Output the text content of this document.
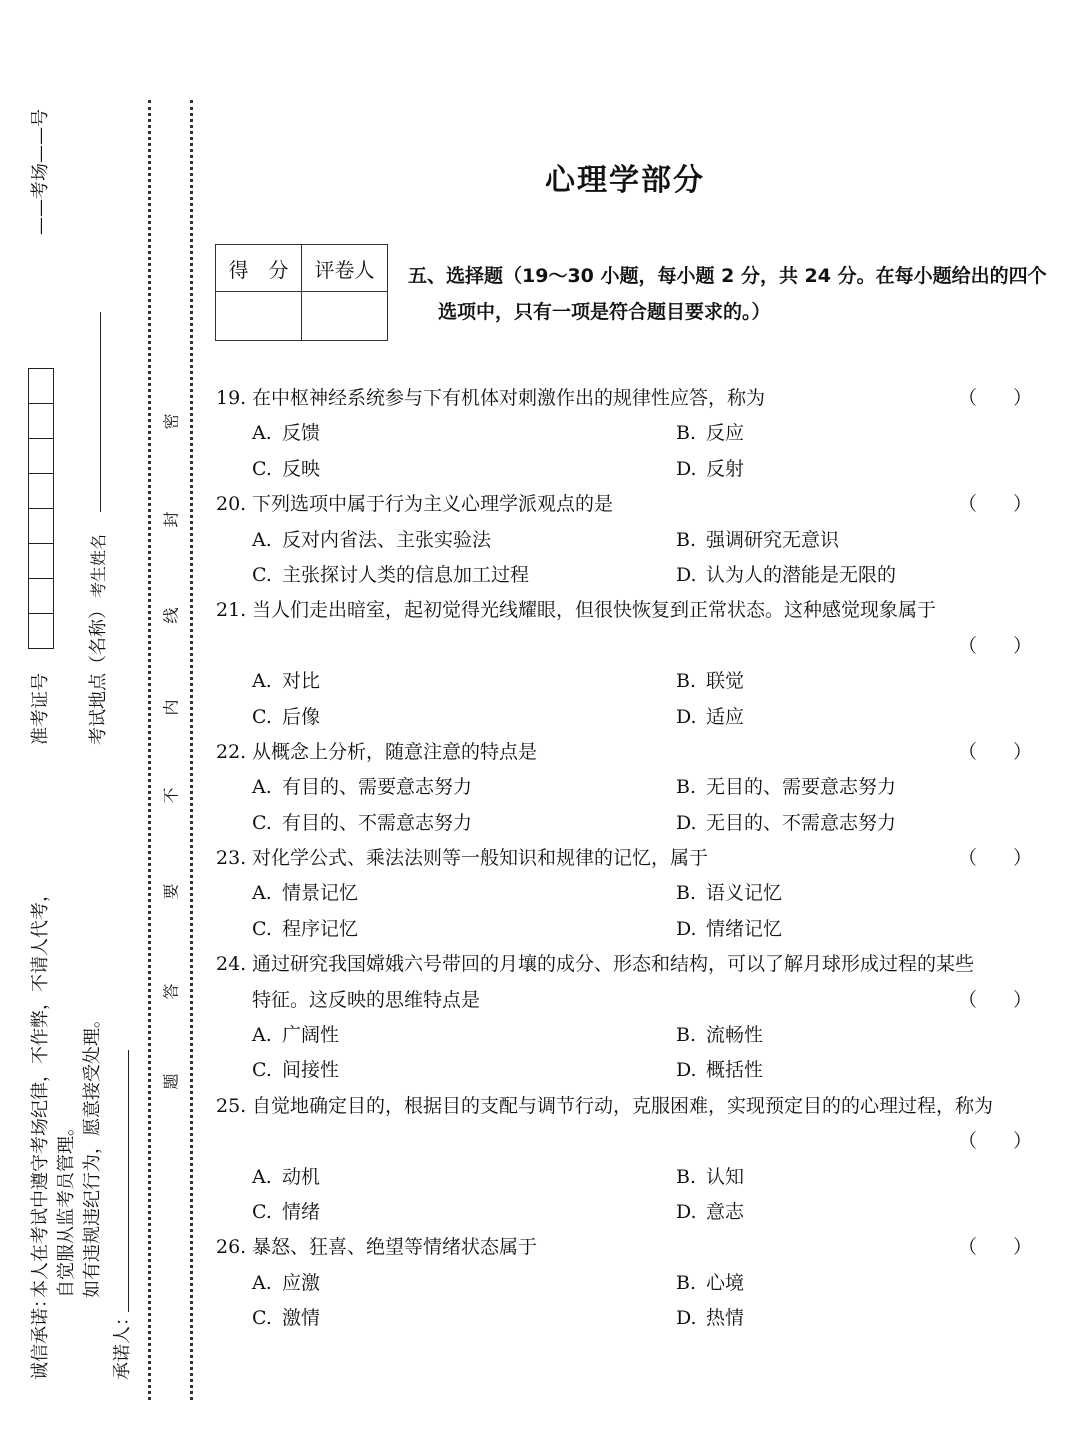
——考场——号
准考证号 考试地点（名称）
考生姓名
诚信承诺：
本人在考试中遵守考场纪律，不作弊，不请人代考， 自觉服从监考员管理。 如有违规违纪行为，愿意接受处理。
承诺人：
密
封
线
内
不
要
答
题
心理学部分
得　分	评卷人
	五、选择题（19～30 小题，每小题 2 分，共 24 分。在每小题给出的四个
选项中，只有一项是符合题目要求的。）
19. 在中枢神经系统参与下有机体对刺激作出的规律性应答，称为	（ ）
A. 反馈	B. 反应
C. 反映	D. 反射
20. 下列选项中属于行为主义心理学派观点的是	（ ）
A. 反对内省法、主张实验法	B. 强调研究无意识
C. 主张探讨人类的信息加工过程	D. 认为人的潜能是无限的
21. 当人们走出暗室，起初觉得光线耀眼，但很快恢复到正常状态。这种感觉现象属于
（ ）
A. 对比	B. 联觉
C. 后像	D. 适应
22. 从概念上分析，随意注意的特点是	（ ）
A. 有目的、需要意志努力	B. 无目的、需要意志努力
C. 有目的、不需意志努力	D. 无目的、不需意志努力
23. 对化学公式、乘法法则等一般知识和规律的记忆，属于	（ ）
A. 情景记忆	B. 语义记忆
C. 程序记忆	D. 情绪记忆
24. 通过研究我国嫦娥六号带回的月壤的成分、形态和结构，可以了解月球形成过程的某些
特征。这反映的思维特点是	（ ）
A. 广阔性	B. 流畅性
C. 间接性	D. 概括性
25. 自觉地确定目的，根据目的支配与调节行动，克服困难，实现预定目的的心理过程，称为
（ ）
A. 动机	B. 认知
C. 情绪	D. 意志
26. 暴怒、狂喜、绝望等情绪状态属于	（ ）
A. 应激	B. 心境
C. 激情	D. 热情
